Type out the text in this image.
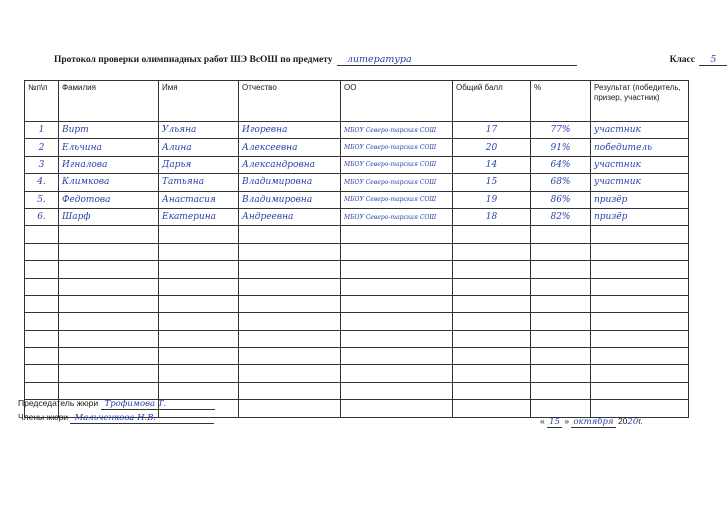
Протокол проверки олимпиадных работ ШЭ ВсОШ по предмету литература	Класс 5
№п\п	Фамилия	Имя	Отчество	ОО	Общий балл	%	Результат (победитель, призер, участник)
1	Вирт	Ульяна	Игоревна	МБОУ Северо-тарская СОШ	17	77%	участник
2	Ельчина	Алина	Алексеевна	МБОУ Северо-тарская СОШ	20	91%	победитель
3	Игналова	Дарья	Александровна	МБОУ Северо-тарская СОШ	14	64%	участник
4.	Климкова	Татьяна	Владимировна	МБОУ Северо-тарская СОШ	15	68%	участник
5.	Федотова	Анастасия	Владимировна	МБОУ Северо-тарская СОШ	19	86%	призёр
6.	Шарф	Екатерина	Андреевна	МБОУ Северо-тарская СОШ	18	82%	призёр

Председатель жюри Трофимова Т.
Члены жюри Мальченкова Н.В.	« 15 » октября 2020г.
